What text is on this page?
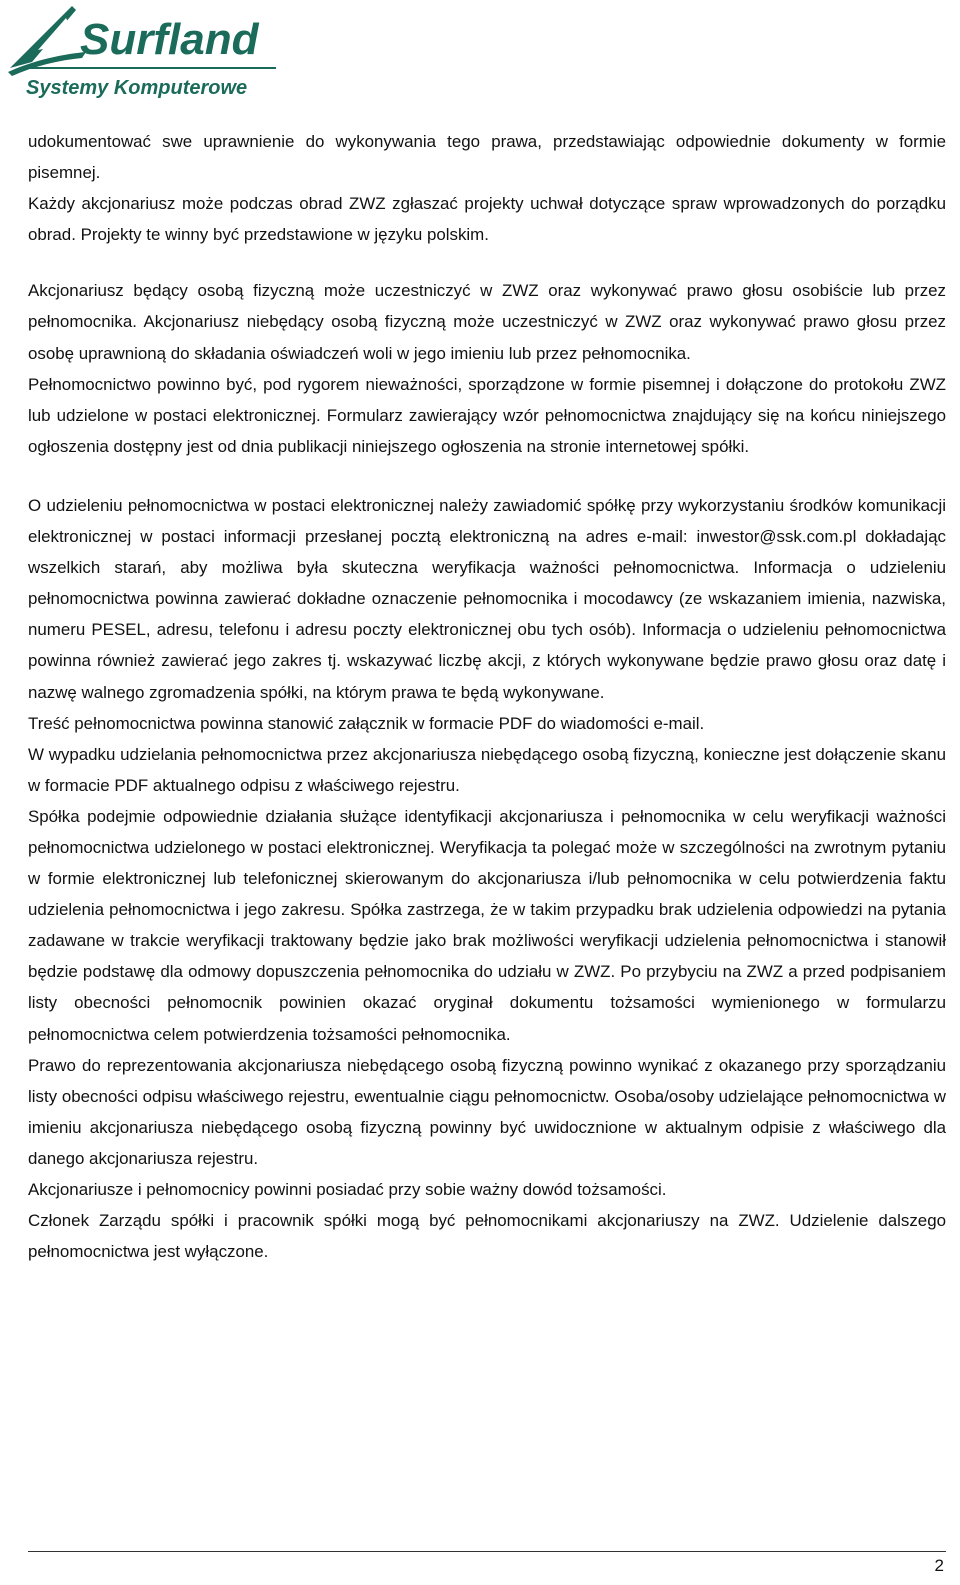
Surfland
Systemy Komputerowe

udokumentować swe uprawnienie do wykonywania tego prawa, przedstawiając odpowiednie dokumenty w formie pisemnej.

Każdy akcjonariusz może podczas obrad ZWZ zgłaszać projekty uchwał dotyczące spraw wprowadzonych do porządku obrad. Projekty te winny być przedstawione w języku polskim.

Akcjonariusz będący osobą fizyczną może uczestniczyć w ZWZ oraz wykonywać prawo głosu osobiście lub przez pełnomocnika. Akcjonariusz niebędący osobą fizyczną może uczestniczyć w ZWZ oraz wykonywać prawo głosu przez osobę uprawnioną do składania oświadczeń woli w jego imieniu lub przez pełnomocnika.

Pełnomocnictwo powinno być, pod rygorem nieważności, sporządzone w formie pisemnej i dołączone do protokołu ZWZ lub udzielone w postaci elektronicznej. Formularz zawierający wzór pełnomocnictwa znajdujący się na końcu niniejszego ogłoszenia dostępny jest od dnia publikacji niniejszego ogłoszenia na stronie internetowej spółki.

O udzieleniu pełnomocnictwa w postaci elektronicznej należy zawiadomić spółkę przy wykorzystaniu środków komunikacji elektronicznej w postaci informacji przesłanej pocztą elektroniczną na adres e-mail: inwestor@ssk.com.pl dokładając wszelkich starań, aby możliwa była skuteczna weryfikacja ważności pełnomocnictwa. Informacja o udzieleniu pełnomocnictwa powinna zawierać dokładne oznaczenie pełnomocnika i mocodawcy (ze wskazaniem imienia, nazwiska, numeru PESEL, adresu, telefonu i adresu poczty elektronicznej obu tych osób). Informacja o udzieleniu pełnomocnictwa powinna również zawierać jego zakres tj. wskazywać liczbę akcji, z których wykonywane będzie prawo głosu oraz datę i nazwę walnego zgromadzenia spółki, na którym prawa te będą wykonywane.

Treść pełnomocnictwa powinna stanowić załącznik w formacie PDF do wiadomości e-mail.

W wypadku udzielania pełnomocnictwa przez akcjonariusza niebędącego osobą fizyczną, konieczne jest dołączenie skanu w formacie PDF aktualnego odpisu z właściwego rejestru.

Spółka podejmie odpowiednie działania służące identyfikacji akcjonariusza i pełnomocnika w celu weryfikacji ważności pełnomocnictwa udzielonego w postaci elektronicznej. Weryfikacja ta polegać może w szczególności na zwrotnym pytaniu w formie elektronicznej lub telefonicznej skierowanym do akcjonariusza i/lub pełnomocnika w celu potwierdzenia faktu udzielenia pełnomocnictwa i jego zakresu. Spółka zastrzega, że w takim przypadku brak udzielenia odpowiedzi na pytania zadawane w trakcie weryfikacji traktowany będzie jako brak możliwości weryfikacji udzielenia pełnomocnictwa i stanowił będzie podstawę dla odmowy dopuszczenia pełnomocnika do udziału w ZWZ. Po przybyciu na ZWZ a przed podpisaniem listy obecności pełnomocnik powinien okazać oryginał dokumentu tożsamości wymienionego w formularzu pełnomocnictwa celem potwierdzenia tożsamości pełnomocnika.

Prawo do reprezentowania akcjonariusza niebędącego osobą fizyczną powinno wynikać z okazanego przy sporządzaniu listy obecności odpisu właściwego rejestru, ewentualnie ciągu pełnomocnictw. Osoba/osoby udzielające pełnomocnictwa w imieniu akcjonariusza niebędącego osobą fizyczną powinny być uwidocznione w aktualnym odpisie z właściwego dla danego akcjonariusza rejestru.

Akcjonariusze i pełnomocnicy powinni posiadać przy sobie ważny dowód tożsamości.

Członek Zarządu spółki i pracownik spółki mogą być pełnomocnikami akcjonariuszy na ZWZ. Udzielenie dalszego pełnomocnictwa jest wyłączone.

2
